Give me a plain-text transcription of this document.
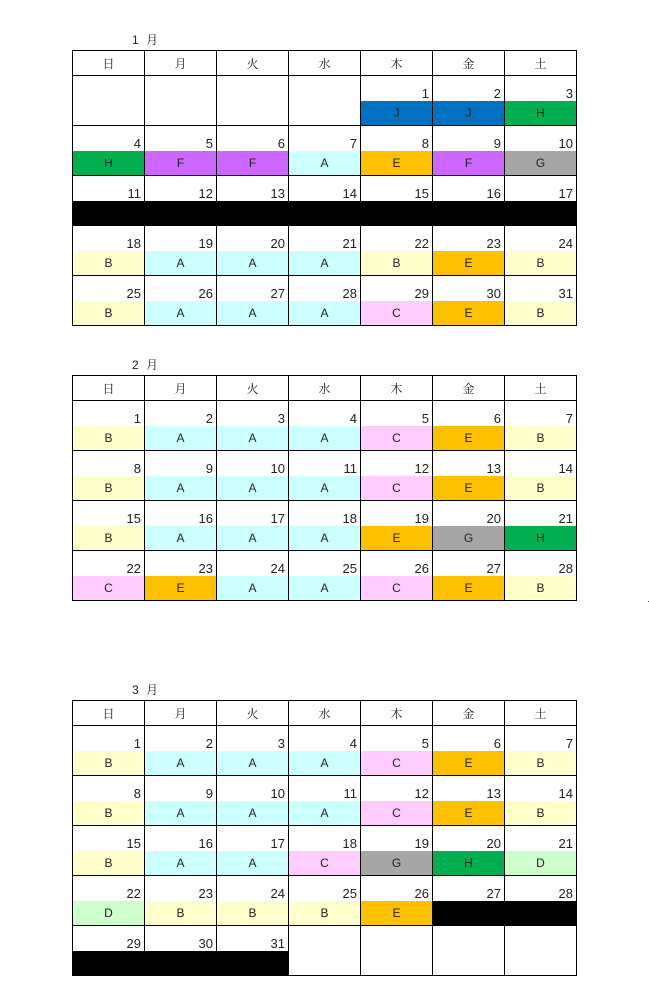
1 月
日	月	火	水	木	金	土
				1	2	3
				J	J	H
4	5	6	7	8	9	10
H	F	F	A	E	F	G
11	12	13	14	15	16	17

18	19	20	21	22	23	24
B	A	A	A	B	E	B
25	26	27	28	29	30	31
B	A	A	A	C	E	B
2 月
日	月	火	水	木	金	土
1	2	3	4	5	6	7
B	A	A	A	C	E	B
8	9	10	11	12	13	14
B	A	A	A	C	E	B
15	16	17	18	19	20	21
B	A	A	A	E	G	H
22	23	24	25	26	27	28
C	E	A	A	C	E	B
3 月
日	月	火	水	木	金	土
1	2	3	4	5	6	7
B	A	A	A	C	E	B
8	9	10	11	12	13	14
B	A	A	A	C	E	B
15	16	17	18	19	20	21
B	A	A	C	G	H	D
22	23	24	25	26	27	28
D	B	B	B	E		
29	30	31				
